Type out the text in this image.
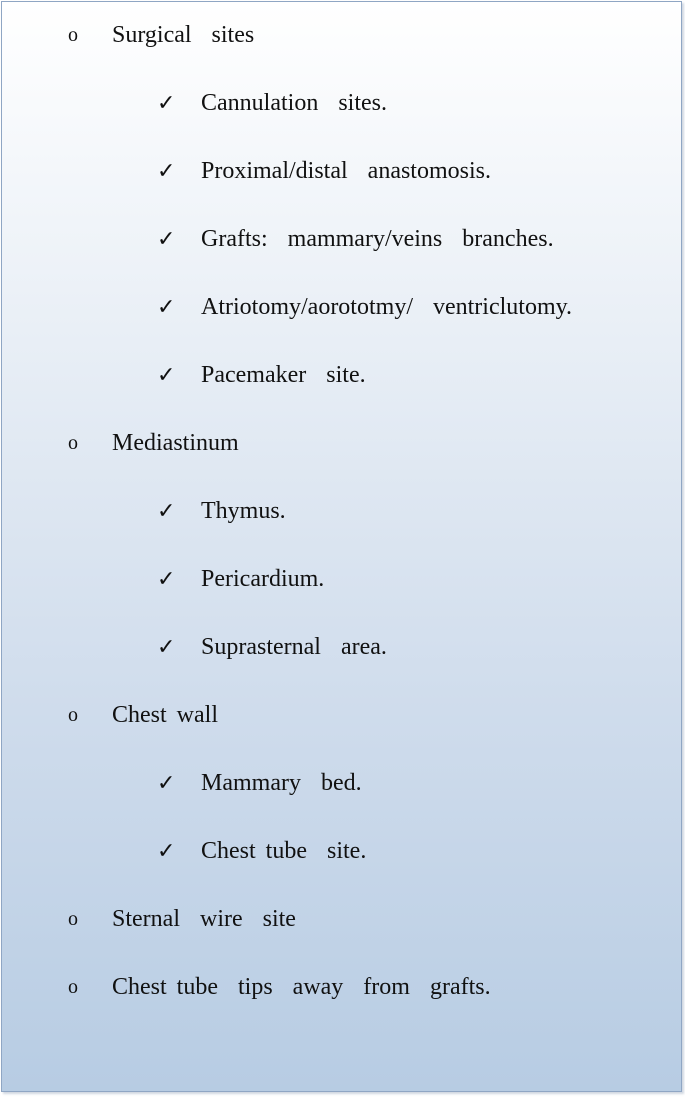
o

Surgical  sites

✓

Cannulation  sites.

✓

Proximal/distal  anastomosis.

✓

Grafts:  mammary/veins  branches.

✓

Atriotomy/aorototmy/  ventriclutomy.

✓

Pacemaker  site.

o

Mediastinum

✓

Thymus.

✓

Pericardium.

✓

Suprasternal  area.

o

Chest wall

✓

Mammary  bed.

✓

Chest tube  site.

o

Sternal  wire  site

o

Chest tube  tips  away  from  grafts.
